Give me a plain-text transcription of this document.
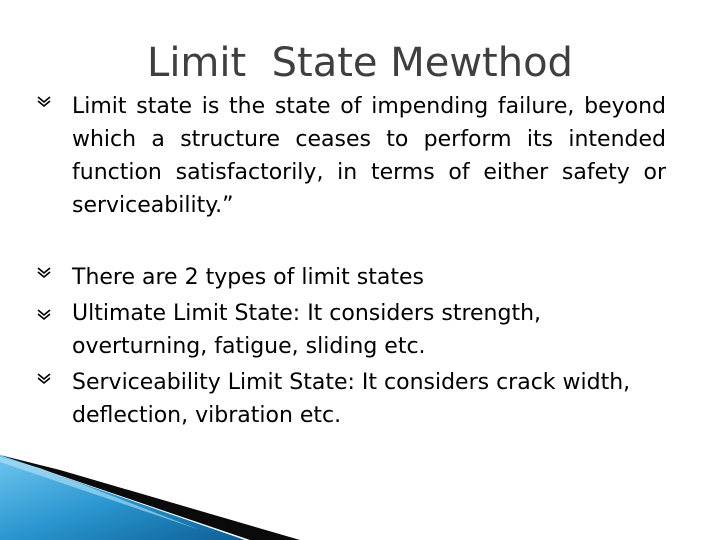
Limit  State Mewthod

Limit state is the state of impending failure, beyond which a structure ceases to perform its intended function satisfactorily, in terms of either safety or serviceability.”

There are 2 types of limit states

Ultimate Limit State: It considers strength, overturning, fatigue, sliding etc.

Serviceability Limit State: It considers crack width, deflection, vibration etc.
